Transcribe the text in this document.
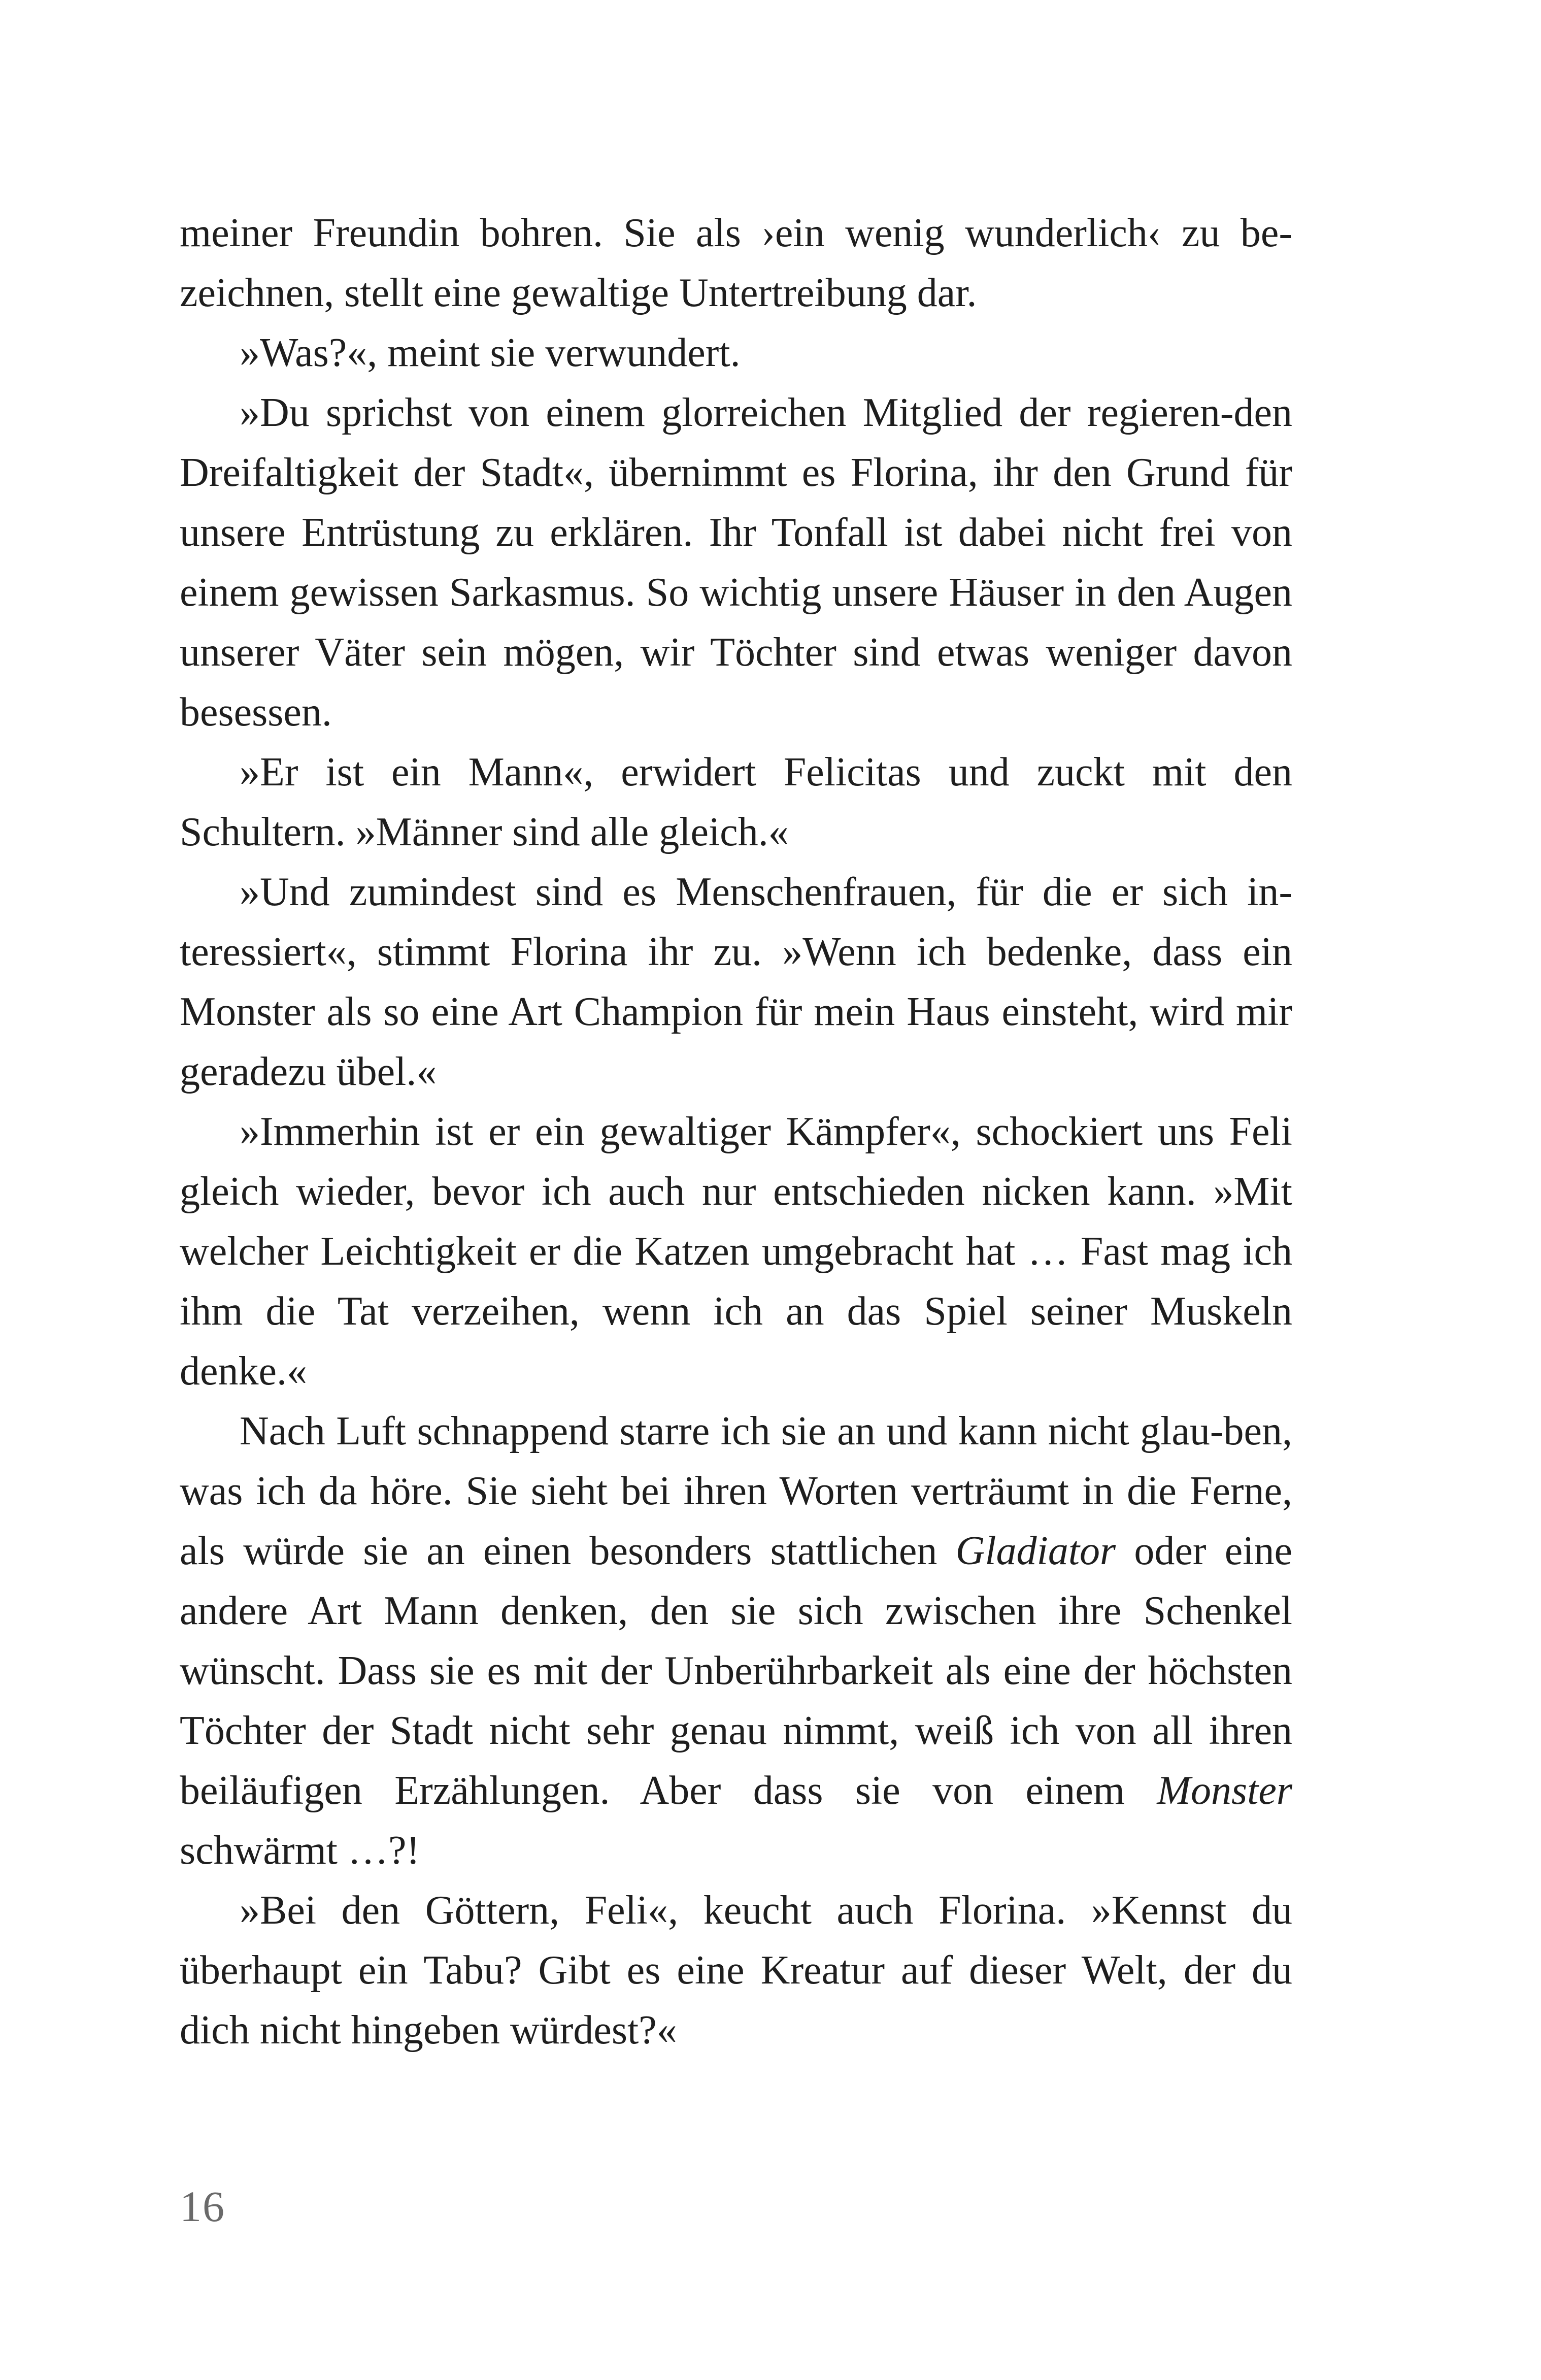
meiner Freundin bohren. Sie als ›ein wenig wunderlich‹ zu be-zeichnen, stellt eine gewaltige Untertreibung dar.

»Was?«, meint sie verwundert.

»Du sprichst von einem glorreichen Mitglied der regieren-den Dreifaltigkeit der Stadt«, übernimmt es Florina, ihr den Grund für unsere Entrüstung zu erklären. Ihr Tonfall ist dabei nicht frei von einem gewissen Sarkasmus. So wichtig unsere Häuser in den Augen unserer Väter sein mögen, wir Töchter sind etwas weniger davon besessen.

»Er ist ein Mann«, erwidert Felicitas und zuckt mit den Schultern. »Männer sind alle gleich.«

»Und zumindest sind es Menschenfrauen, für die er sich in-teressiert«, stimmt Florina ihr zu. »Wenn ich bedenke, dass ein Monster als so eine Art Champion für mein Haus einsteht, wird mir geradezu übel.«

»Immerhin ist er ein gewaltiger Kämpfer«, schockiert uns Feli gleich wieder, bevor ich auch nur entschieden nicken kann. »Mit welcher Leichtigkeit er die Katzen umgebracht hat … Fast mag ich ihm die Tat verzeihen, wenn ich an das Spiel seiner Muskeln denke.«

Nach Luft schnappend starre ich sie an und kann nicht glau-ben, was ich da höre. Sie sieht bei ihren Worten verträumt in die Ferne, als würde sie an einen besonders stattlichen Gladiator oder eine andere Art Mann denken, den sie sich zwischen ihre Schenkel wünscht. Dass sie es mit der Unberührbarkeit als eine der höchsten Töchter der Stadt nicht sehr genau nimmt, weiß ich von all ihren beiläufigen Erzählungen. Aber dass sie von einem Monster schwärmt …?!

»Bei den Göttern, Feli«, keucht auch Florina. »Kennst du überhaupt ein Tabu? Gibt es eine Kreatur auf dieser Welt, der du dich nicht hingeben würdest?«

16
